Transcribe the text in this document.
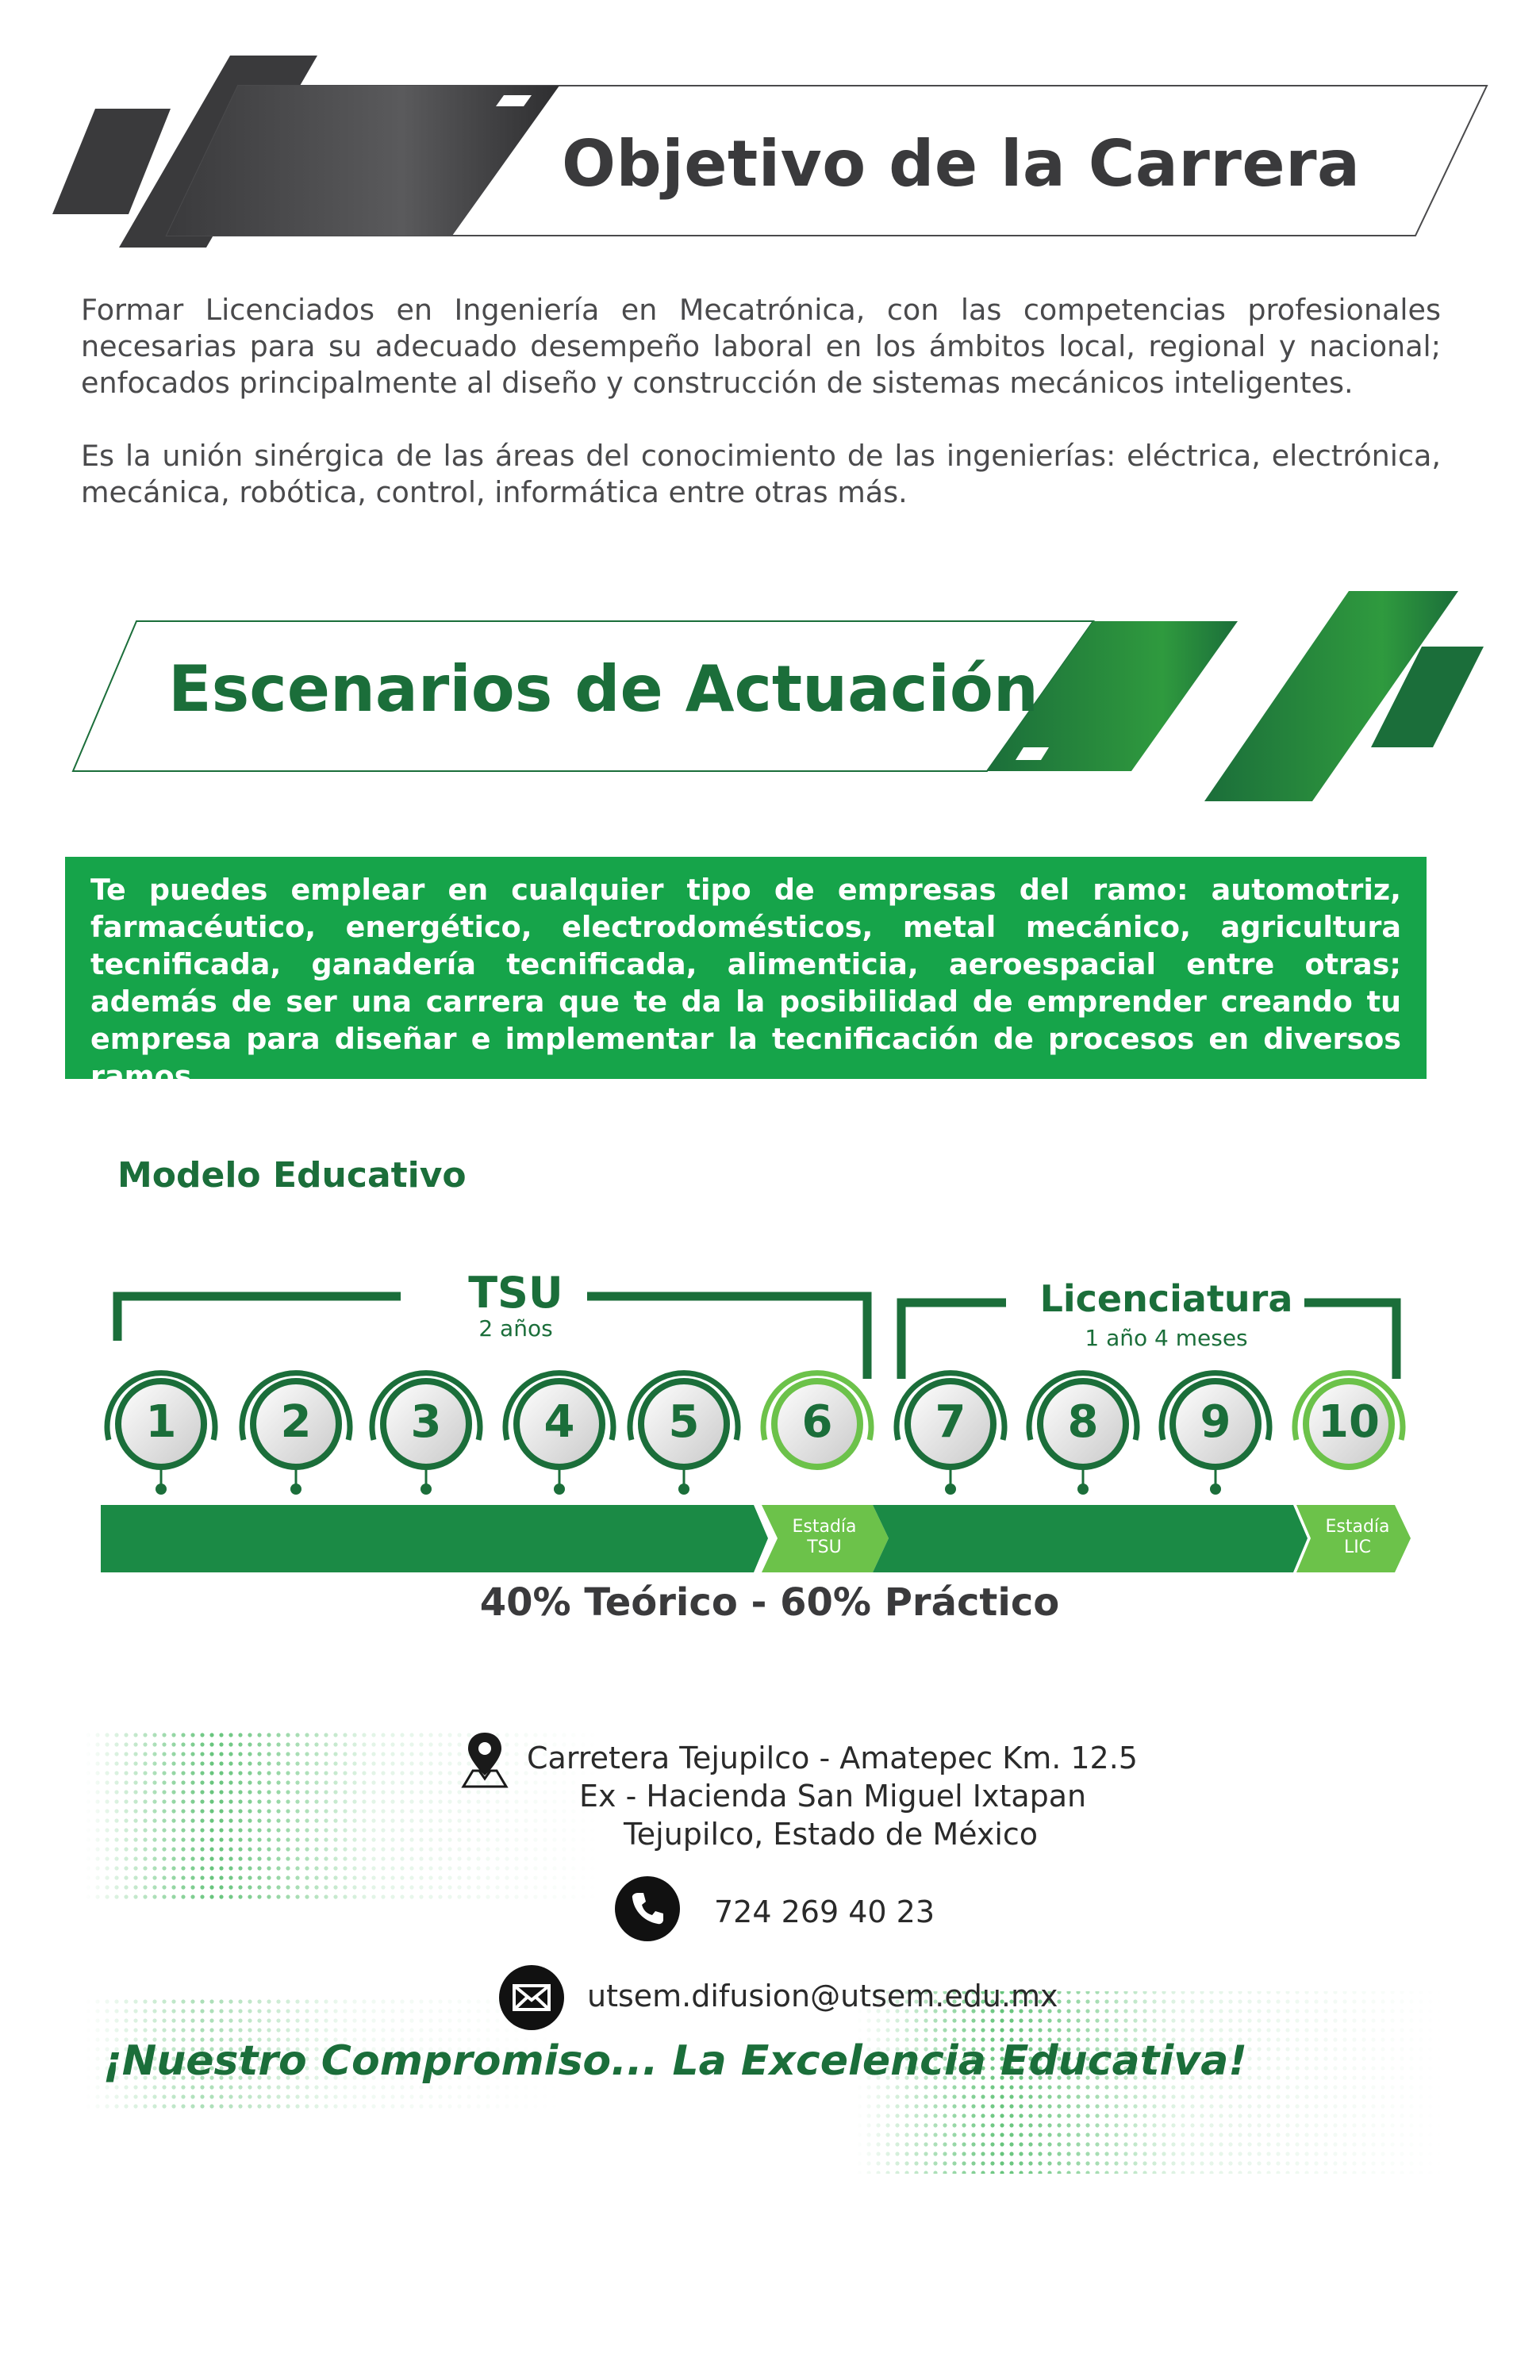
Objetivo de la Carrera
Formar Licenciados en Ingeniería en Mecatrónica, con las competencias profesionales necesarias para su adecuado desempeño laboral en los ámbitos local, regional y nacional; enfocados principalmente al diseño y construcción de sistemas mecánicos inteligentes.
Es la unión sinérgica de las áreas del conocimiento de las ingenierías: eléctrica, electrónica, mecánica, robótica, control, informática entre otras más.
Escenarios de Actuación
Te puedes emplear en cualquier tipo de empresas del ramo: automotriz, farmacéutico, energético, electrodomésticos, metal mecánico, agricultura tecnificada, ganadería tecnificada, alimenticia, aeroespacial entre otras; además de ser una carrera que te da la posibilidad de emprender creando tu empresa para diseñar e implementar la tecnificación de procesos en diversos ramos.
Modelo Educativo
TSU
2 años
Licenciatura
1 año 4 meses
1	2	3	4	5	6	7	8	9	10
Estadía
TSU
Estadía
LIC
40% Teórico - 60% Práctico
Carretera Tejupilco - Amatepec Km. 12.5
Ex - Hacienda San Miguel Ixtapan
Tejupilco, Estado de México
724 269 40 23
utsem.difusion@utsem.edu.mx
¡Nuestro Compromiso... La Excelencia Educativa!
